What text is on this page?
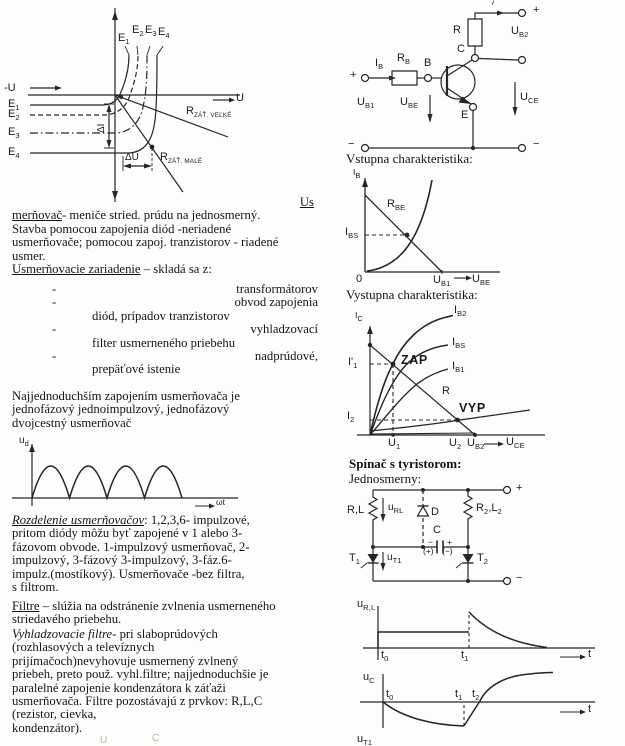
$E_1$
$E_2$ $E_3$ $E_4$
-U
U
$E_1$
$E_2$
$E_3$
$E_4$
$R_{ZÁŤ. VEĽKÉ}$
$R_{ZÁŤ. MALÉ}$
ΔI
ΔU
+
$I_B$
$R_B$ B
C
E
R
i
+
$U_{B2}$
$U_{B1}$ $U_{BE}$
$U_{CE}$
−	−
Vstupna charakteristika:
$I_B$
$R_{BE}$
$I_{BS}$
0	$U_{B1}$ $U_{BE}$
Vystupna charakteristika:
$I_C$
$I_{B2}$
$I_{BS}$
ZAP $I_{B1}$
$I'_1$
R
VYP
$I_2$
$U_1$	$U_2$ $U_{B2}$ $U_{CE}$
Spínač s tyristorom:
Jednosmerny:
R,L $u_{RL}$ D	$R_2,L_2$
C
−
(+)
+
(−)
$T_1$	$u_{T1}$	$T_2$
+
−
$u_{R,L}$
$t_0$	$t_1$	t
$u_C$
$t_0$	$t_1$ $t_2$
t
$u_{T1}$
Us
merňovač- meniče stried. prúdu na jednosmerný.
Stavba pomocou zapojenia diód -neriadené
usmerňovače; pomocou zapoj. tranzistorov - riadené
usmer.
Usmerňovacie zariadenie – skladá sa z:
-	transformátorov
-	obvod zapojenia
diód, prípadov tranzistorov
-	vyhladzovací
filter usmerneného priebehu
-	nadprúdové,
prepäťové istenie
Najjednoduchším zapojením usmerňovača je
jednofázový jednoimpulzový, jednofázový
dvojcestný usmerňovač
$u_d$
ωt
Rozdelenie usmerňovačov: 1,2,3,6- impulzové,
pritom diódy môžu byť zapojené v 1 alebo 3-
fázovom obvode. 1-impulzový usmerňovač, 2-
impulzový, 3-fázový 3-impulzový, 3-fáz.6-
impulz.(mostíkový). Usmerňovače -bez filtra,
s filtrom.
Filtre – slúžia na odstránenie zvlnenia usmerneného
striedavého priebehu.
Vyhladzovacie filtre- pri slaboprúdových
(rozhlasových a televíznych
prijímačoch)nevyhovuje usmernený zvlnený
priebeh, preto použ. vyhl.filtre; najjednoduchšie je
paralelné zapojenie kondenzátora k záťaži
usmerňovača. Filtre pozostávajú z prvkov: R,L,C
(rezistor, cievka,
kondenzátor).
U	C
